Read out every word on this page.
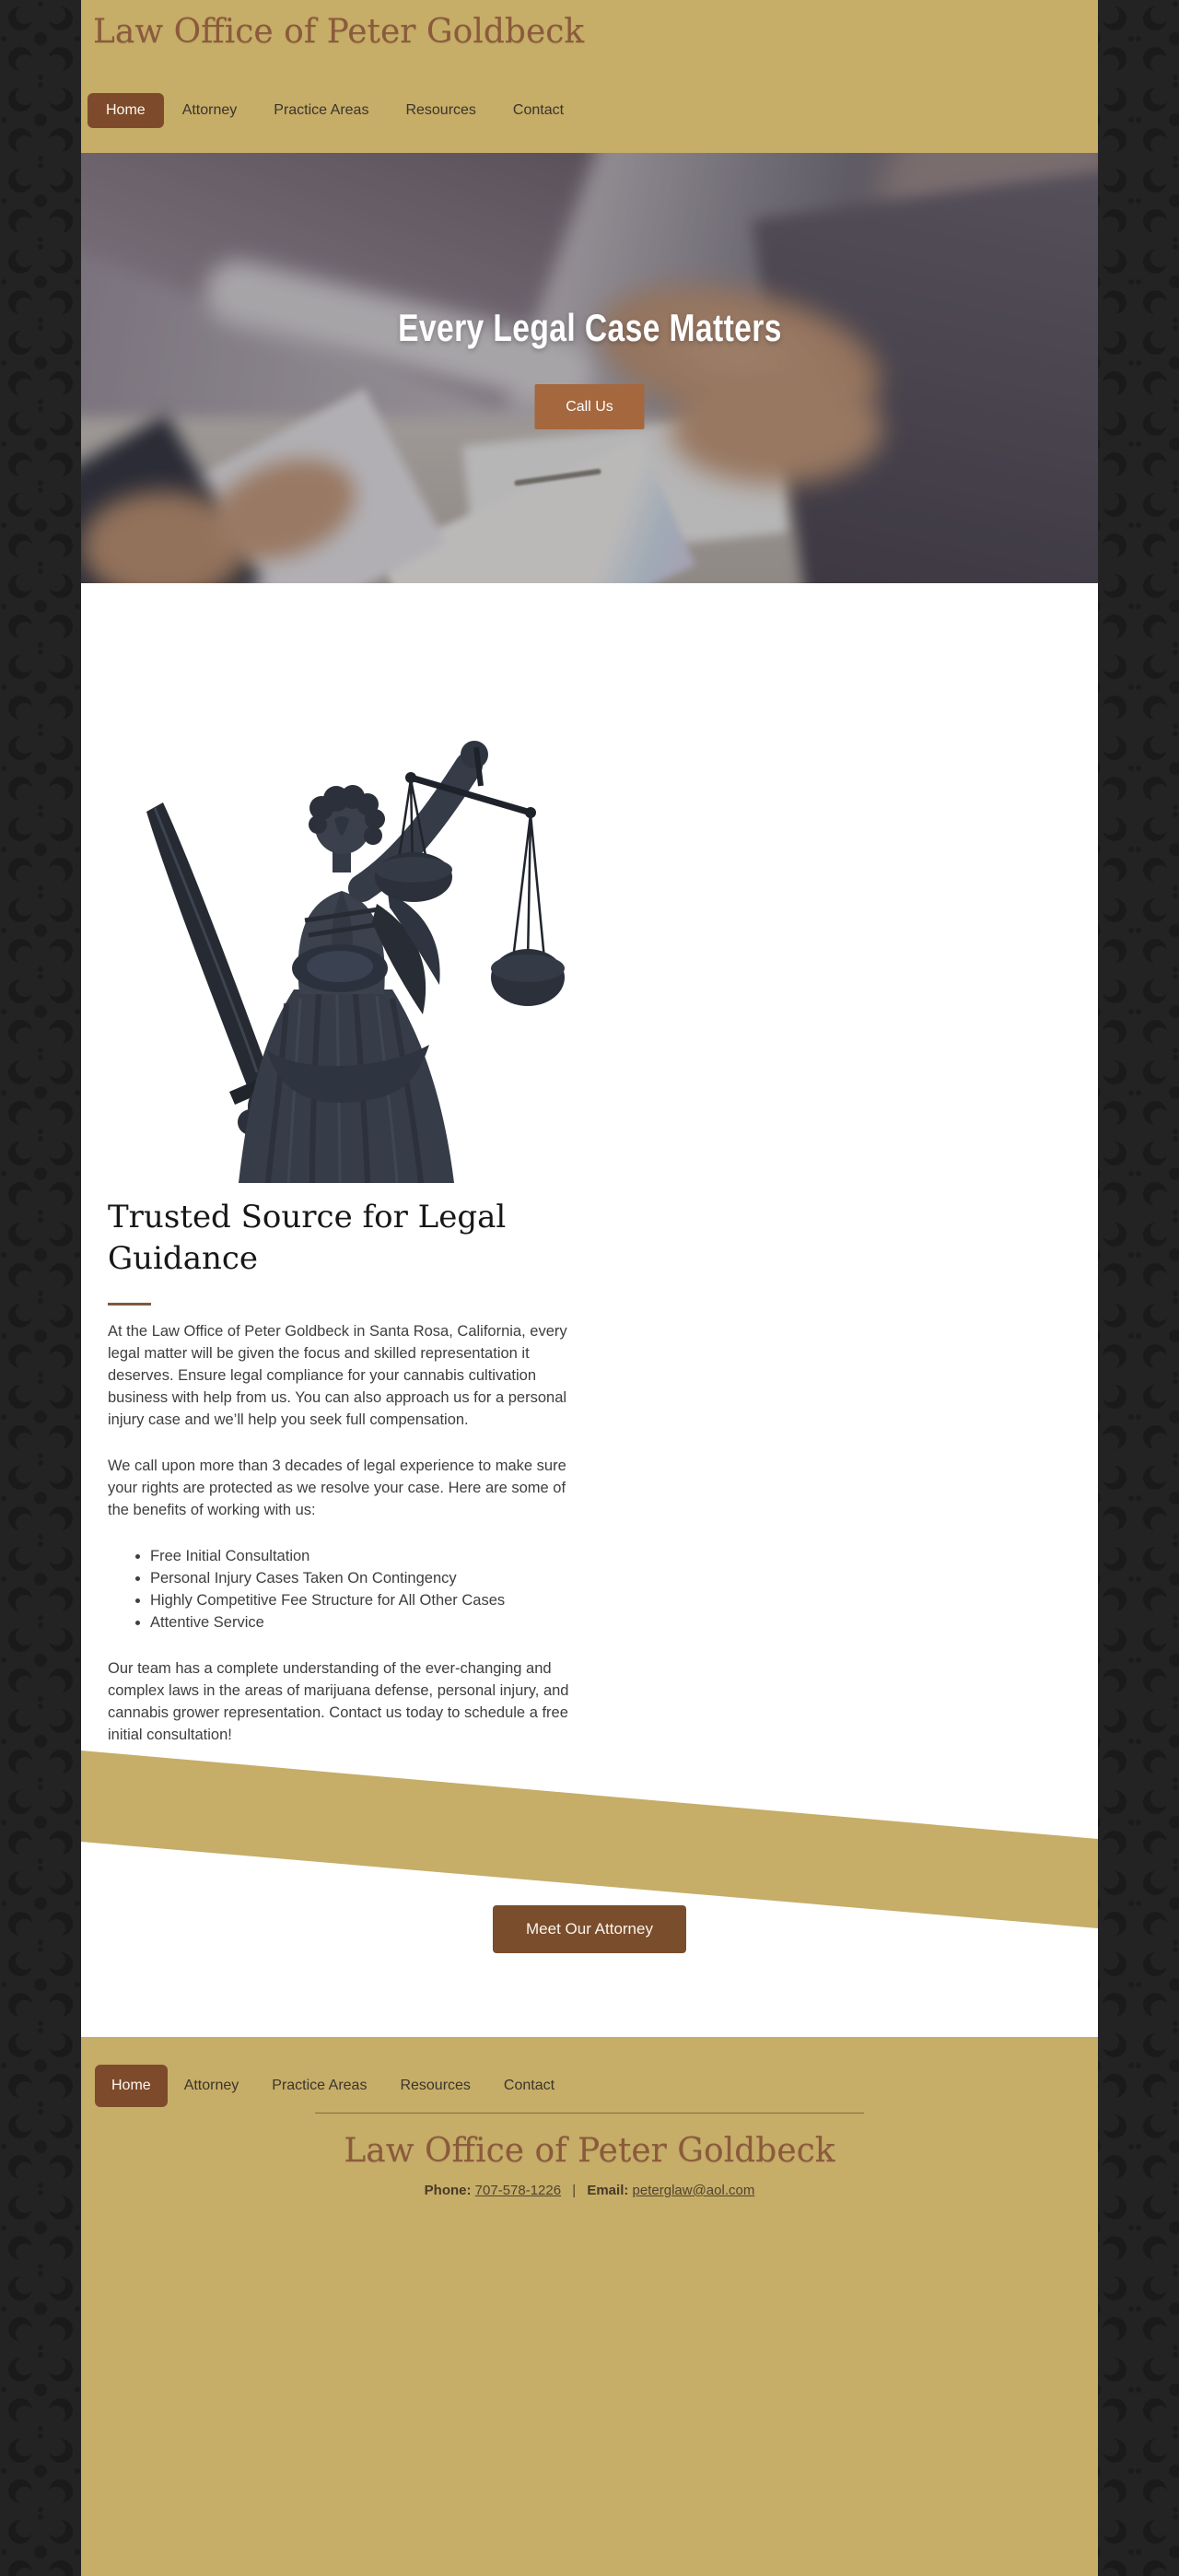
Law Office of Peter Goldbeck
Home	Attorney	Practice Areas	Resources	Contact
Every Legal Case Matters
Call Us
Trusted Source for Legal Guidance

At the Law Office of Peter Goldbeck in Santa Rosa, California, every legal matter will be given the focus and skilled representation it deserves. Ensure legal compliance for your cannabis cultivation business with help from us. You can also approach us for a personal injury case and we’ll help you seek full compensation.

We call upon more than 3 decades of legal experience to make sure your rights are protected as we resolve your case. Here are some of the benefits of working with us:

• Free Initial Consultation
• Personal Injury Cases Taken On Contingency
• Highly Competitive Fee Structure for All Other Cases
• Attentive Service

Our team has a complete understanding of the ever-changing and complex laws in the areas of marijuana defense, personal injury, and cannabis grower representation. Contact us today to schedule a free initial consultation!

Meet Our Attorney
Home	Attorney	Practice Areas	Resources	Contact
Law Office of Peter Goldbeck
Phone: 707-578-1226 | Email: peterglaw@aol.com
